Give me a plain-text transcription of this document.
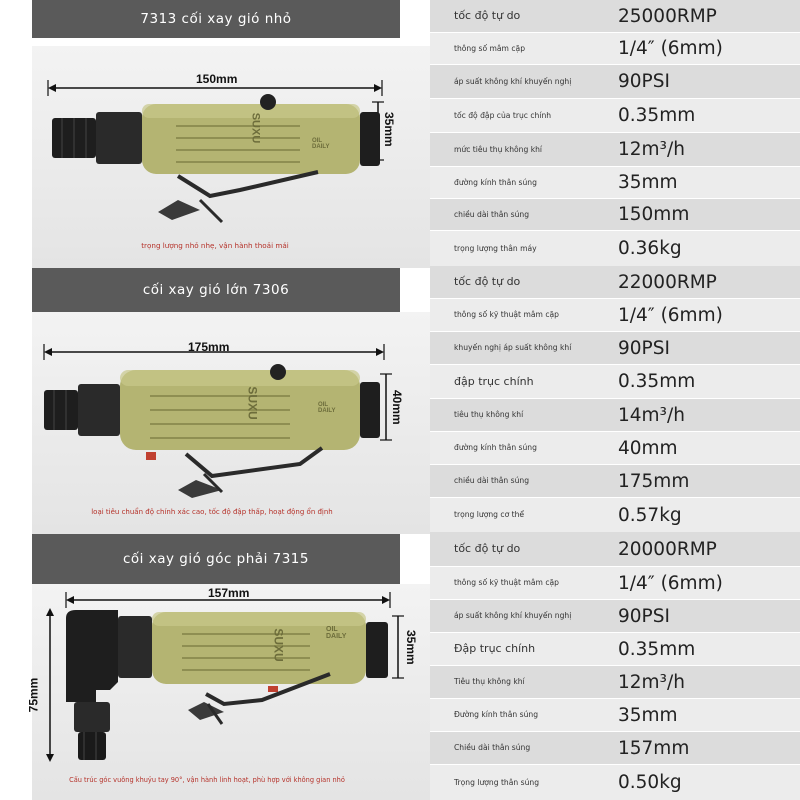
7313 cối xay gió nhỏ
150mm
35mm
SUXU	OIL DAILY
trọng lượng nhỏ nhẹ, vận hành thoải mái
cối xay gió lớn 7306
175mm
40mm
SUXU	OIL DAILY
loại tiêu chuẩn độ chính xác cao, tốc độ đập thấp, hoạt động ổn định
cối xay gió góc phải 7315
157mm
35mm
75mm
SUXU	OIL DAILY
Cấu trúc góc vuông khuỷu tay 90°, vận hành linh hoạt, phù hợp với không gian nhỏ
tốc độ tự do	25000RMP
thông số mâm cặp	1/4″ (6mm)
áp suất không khí khuyến nghị	90PSI
tốc độ đập của trục chính	0.35mm
mức tiêu thụ không khí	12m³/h
đường kính thân súng	35mm
chiều dài thân súng	150mm
trọng lượng thân máy	0.36kg
tốc độ tự do	22000RMP
thông số kỹ thuật mâm cặp	1/4″ (6mm)
khuyến nghị áp suất không khí	90PSI
đập trục chính	0.35mm
tiêu thụ không khí	14m³/h
đường kính thân súng	40mm
chiều dài thân súng	175mm
trọng lượng cơ thể	0.57kg
tốc độ tự do	20000RMP
thông số kỹ thuật mâm cặp	1/4″ (6mm)
áp suất không khí khuyến nghị	90PSI
Đập trục chính	0.35mm
Tiêu thụ không khí	12m³/h
Đường kính thân súng	35mm
Chiều dài thân súng	157mm
Trọng lượng thân súng	0.50kg
